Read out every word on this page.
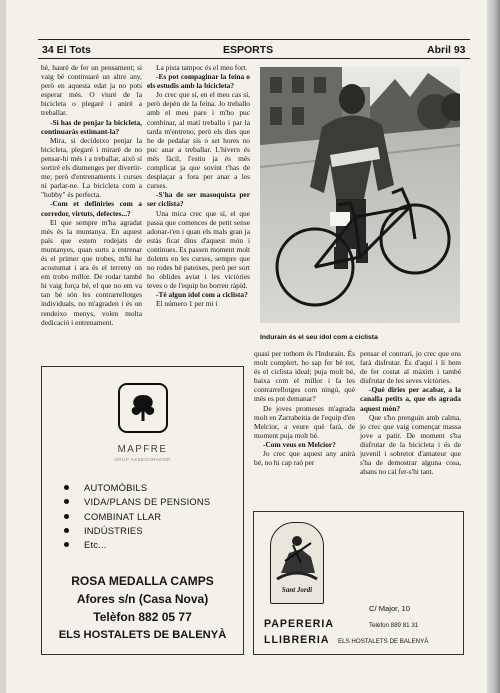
34 El Tots	ESPORTS	Abril 93

bé, hauré de fer un pensament; si vaig bé continuaré un altre any, però en aquesta edat ja no pots esperar més. O viuré de la bicicleta o plegaré i aniré a treballar.

-Si has de penjar la bicicleta, continuaràs estimant-la?

Mira, si decideixo penjar la bicicleta, plegaré i miraré de no pensar-hi més i a treballar, això sí sortiré els diumenges per divertir-me; però d'entrenaments i curses ni parlar-ne. La bicicleta com a "hobby" és perfecta.

-Com et definiries com a corredor, virtuts, defectes...?

El que sempre m'ha agradat més és la muntanya. En aquest país que estem rodejats de muntanyes, quan surts a entrenar és el primer que trobes, m'hi he acostumat i ara és el terreny on em trobo millor. De rodar també hi vaig força bé, el que no em va tan bé són les contrarrellotges individuals, no m'agraden i és on rendeixo menys, volen molta dedicació i entrenament.

La pista tampoc és el meu fort.

-Es pot compaginar la feina o els estudis amb la bicicleta?

Jo crec que sí, en el meu cas sí, però depèn de la feina. Jo treballo amb el meu pare i m'ho puc combinar, al matí treballo i par la tarda m'entreno, però els dies que he de pedalar sis o set hores no puc anar a treballar. L'hivern és més fàcil, l'estiu ja és més complicat ja que sovint t'has de desplaçar a fora per anar a les curses.

-S'ha de ser masoquista per ser ciclista?

Una mica crec que sí, el que passa que comences de petit sense adonar-t'en i quan els mals gran ja estàs ficat dins d'aquest món i continues. Es passen moment molt dolents en les curses, sempre que no rodes bé pateixes, però per sort ho oblides aviat i les victòries teves o de l'equip ho borren ràpid.

-Té algun ídol com a ciclista?

El número 1 per mi i

Indurain és el seu ídol com a ciclista

quasi per tothom és l'Indurain. És molt complert, ho sap fer bé tot, és el ciclista ideal; puja molt bé, baixa com el millor i fa les contrarrellotges com ningú, què més es pot demanar?

De joves promeses m'agrada molt en Zarrabeitia de l'equip d'en Melcior, a veure què farà, de moment puja molt bé.

-Com veus en Melcior?

Jo crec que aquest any anirà bé, no hi cap raó per

pensar el contrari, jo crec que ens farà disfrutar. És d'aquí i li hem de fer costat al màxim i també disfrutar de les seves victòries.

-Què diries per acabar, a la canalla petits a, que els agrada aquest món?

Que s'ho prenguin amb calma, jo crec que vaig començar massa jove a patir. De moment s'ha disfrutar de la bicicleta i és de juvenil i sobretot d'amateur que s'ha de demostrar alguna cosa, abans no cal fer-s'hi tant.

MAPFRE
GRUP ASSEGURADOR
AUTOMÒBILS
VIDA/PLANS DE PENSIONS
COMBINAT LLAR
INDÚSTRIES
Etc...
ROSA MEDALLA CAMPS
Afores s/n (Casa Nova)
Telèfon 882 05 77
ELS HOSTALETS DE BALENYÀ
Sant Jordi
C/ Major, 10
Telèfon 889 81 31
PAPERERIA
LLIBRERIA ELS HOSTALETS DE BALENYÀ
